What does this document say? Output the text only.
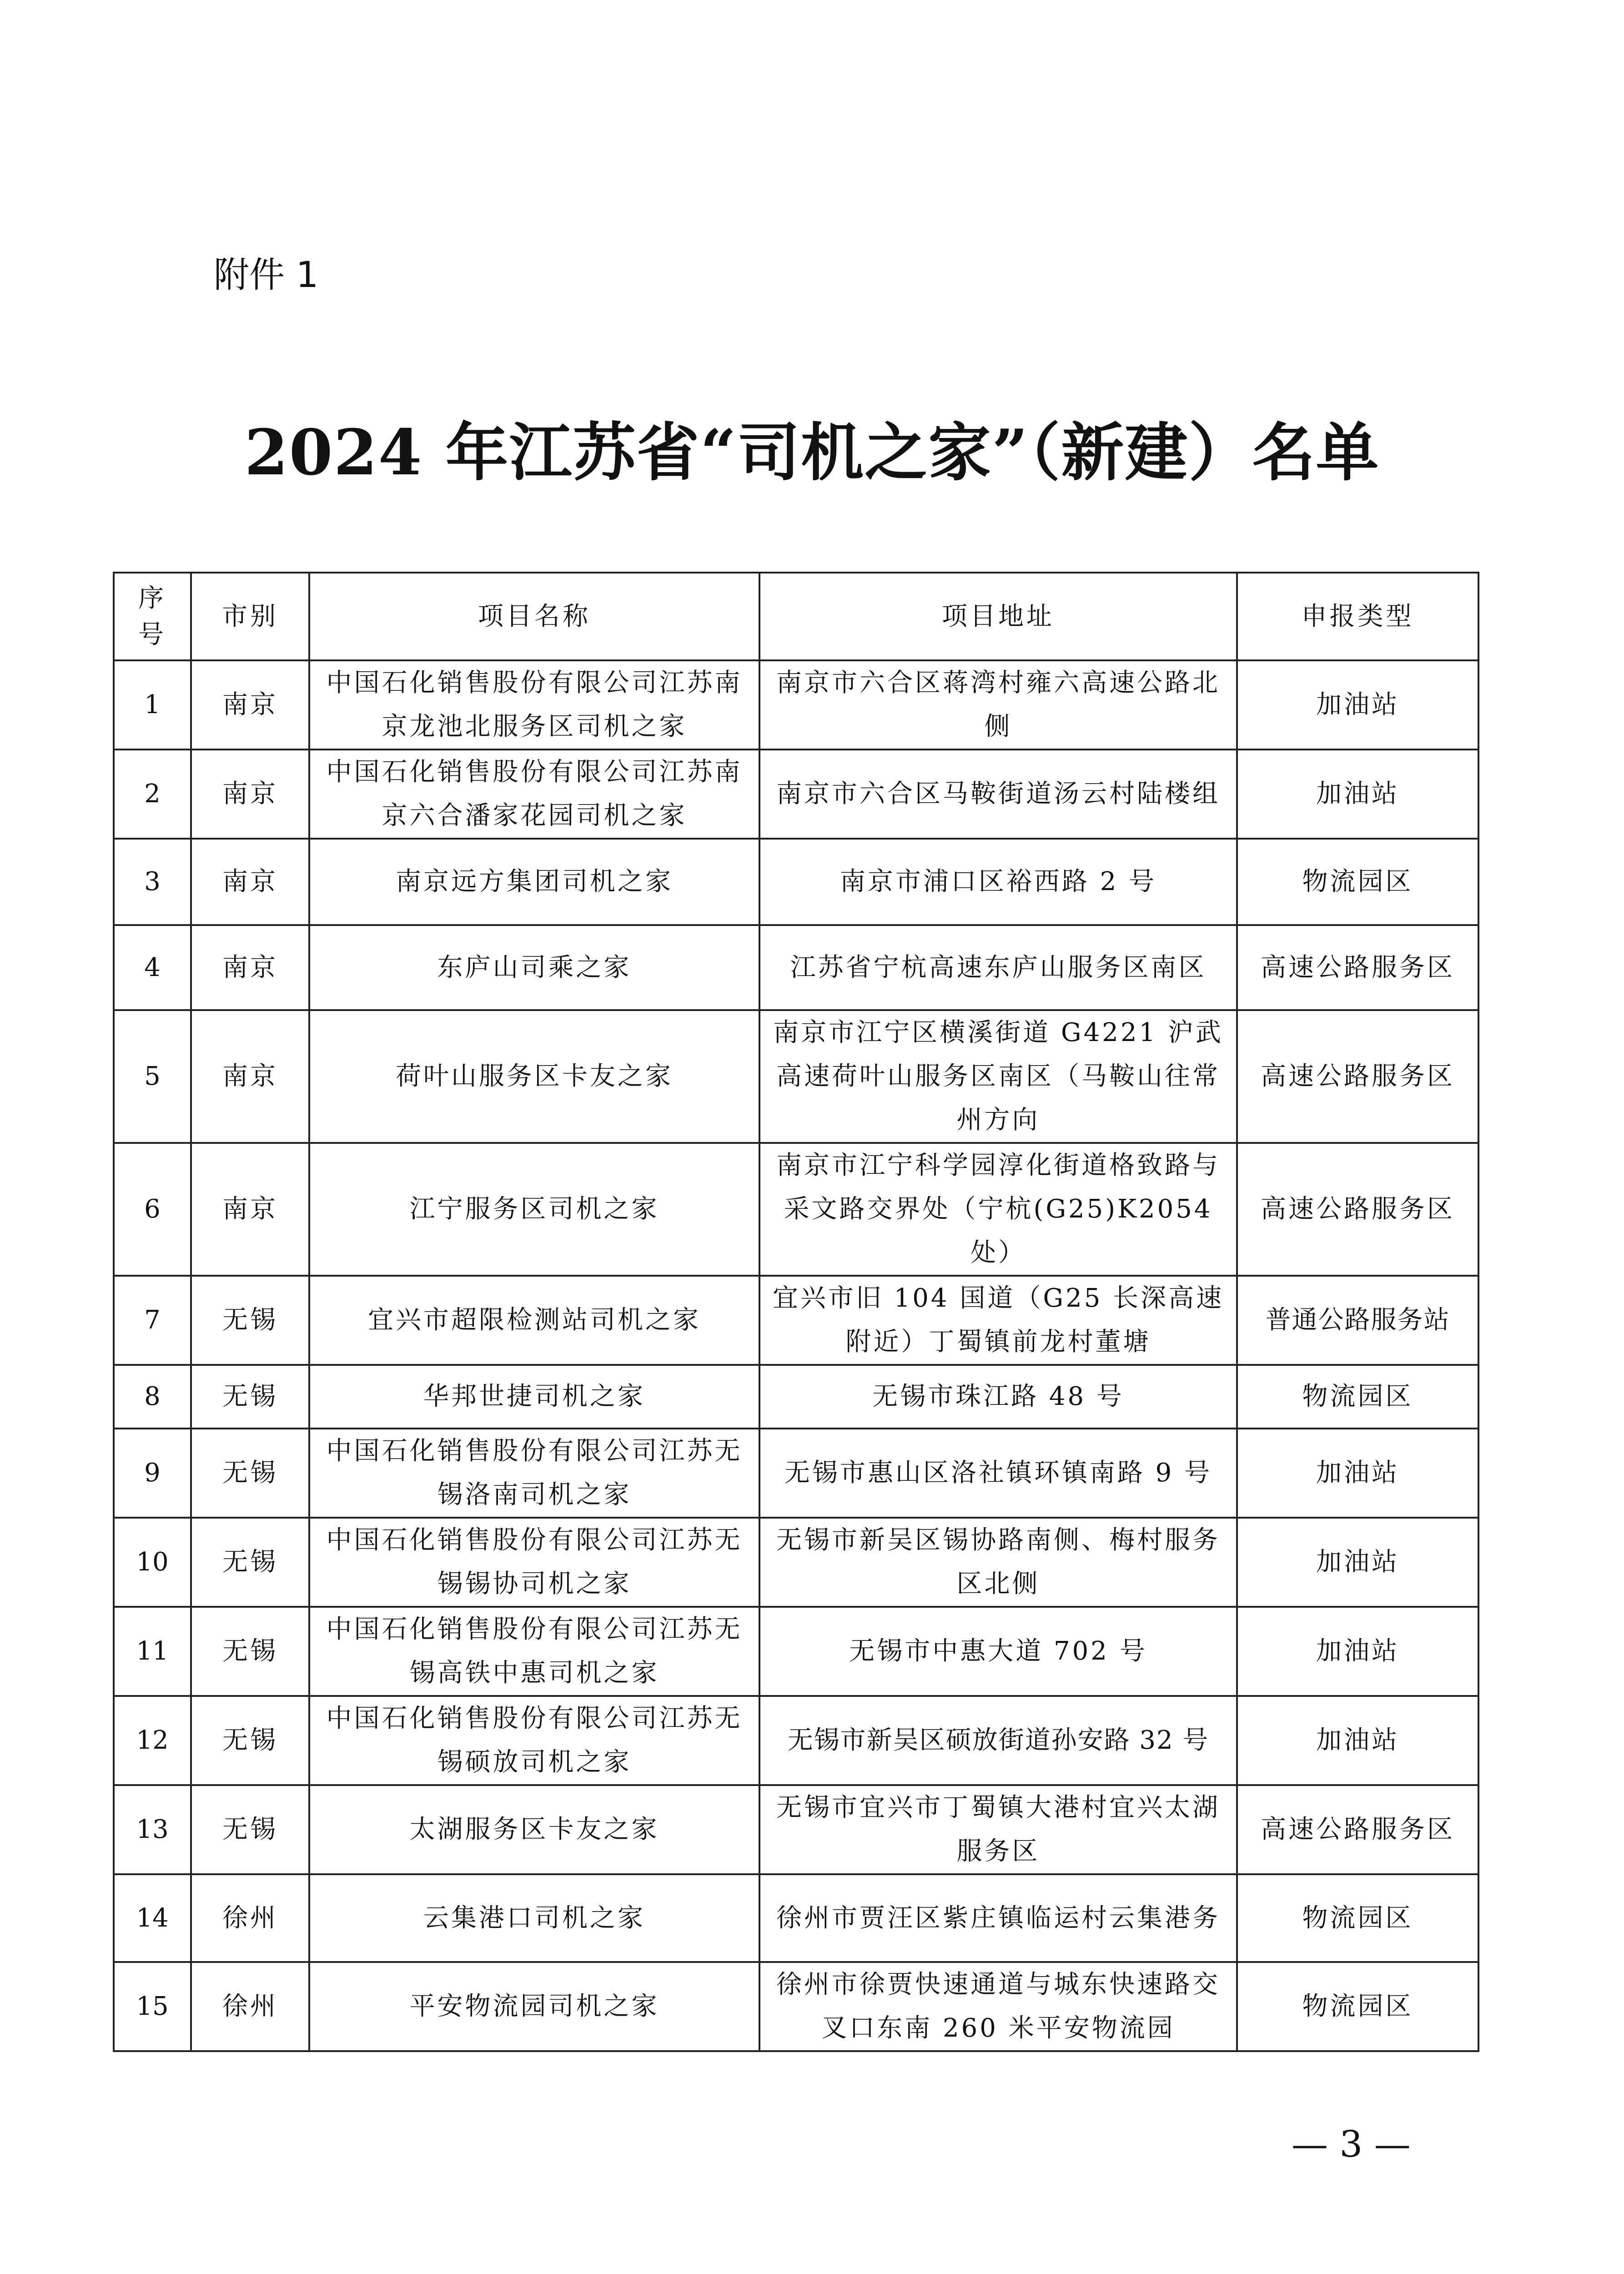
附件 1

2024 年江苏省“司机之家”（新建）名单
序号	市别	项目名称	项目地址	申报类型
1	南京	中国石化销售股份有限公司江苏南京龙池北服务区司机之家	南京市六合区蒋湾村雍六高速公路北侧	加油站
2	南京	中国石化销售股份有限公司江苏南京六合潘家花园司机之家	南京市六合区马鞍街道汤云村陆楼组	加油站
3	南京	南京远方集团司机之家	南京市浦口区裕西路 2 号	物流园区
4	南京	东庐山司乘之家	江苏省宁杭高速东庐山服务区南区	高速公路服务区
5	南京	荷叶山服务区卡友之家	南京市江宁区横溪街道 G4221 沪武高速荷叶山服务区南区（马鞍山往常州方向	高速公路服务区
6	南京	江宁服务区司机之家	南京市江宁科学园淳化街道格致路与采文路交界处（宁杭(G25)K2054处）	高速公路服务区
7	无锡	宜兴市超限检测站司机之家	宜兴市旧 104 国道（G25 长深高速附近）丁蜀镇前龙村董塘	普通公路服务站
8	无锡	华邦世捷司机之家	无锡市珠江路 48 号	物流园区
9	无锡	中国石化销售股份有限公司江苏无锡洛南司机之家	无锡市惠山区洛社镇环镇南路 9 号	加油站
10	无锡	中国石化销售股份有限公司江苏无锡锡协司机之家	无锡市新吴区锡协路南侧、梅村服务区北侧	加油站
11	无锡	中国石化销售股份有限公司江苏无锡高铁中惠司机之家	无锡市中惠大道 702 号	加油站
12	无锡	中国石化销售股份有限公司江苏无锡硕放司机之家	无锡市新吴区硕放街道孙安路 32 号	加油站
13	无锡	太湖服务区卡友之家	无锡市宜兴市丁蜀镇大港村宜兴太湖服务区	高速公路服务区
14	徐州	云集港口司机之家	徐州市贾汪区紫庄镇临运村云集港务	物流园区
15	徐州	平安物流园司机之家	徐州市徐贾快速通道与城东快速路交叉口东南 260 米平安物流园	物流园区
— 3 —
